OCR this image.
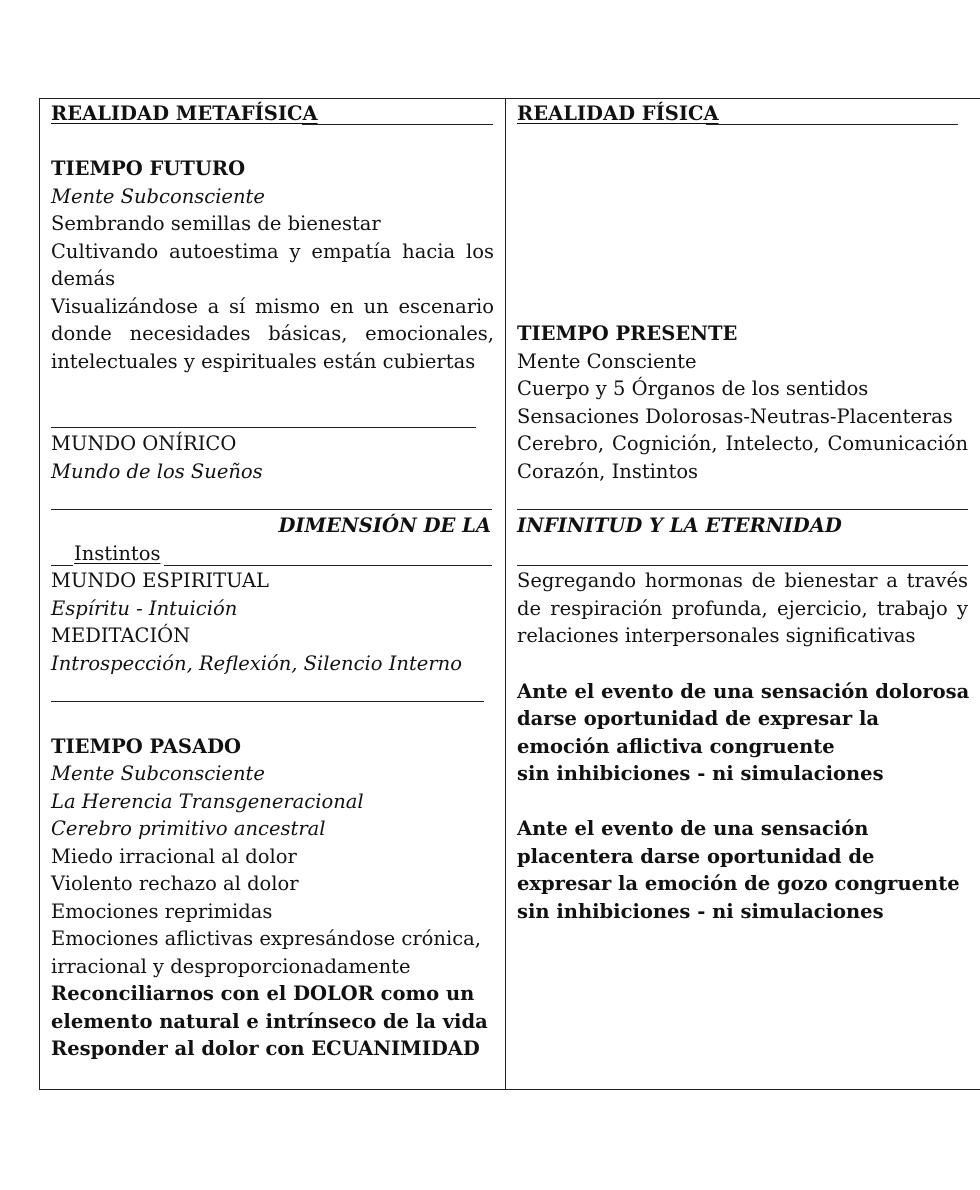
REALIDAD METAFÍSICA

TIEMPO FUTURO

Mente Subconsciente

Sembrando semillas de bienestar

Cultivando autoestima y empatía hacia los

demás

Visualizándose a sí mismo en un escenario

donde necesidades básicas, emocionales,

intelectuales y espirituales están cubiertas

MUNDO ONÍRICO

Mundo de los Sueños

DIMENSIÓN DE LA

Instintos

MUNDO ESPIRITUAL

Espíritu - Intuición

MEDITACIÓN

Introspección, Reflexión, Silencio Interno

TIEMPO PASADO

Mente Subconsciente

La Herencia Transgeneracional

Cerebro primitivo ancestral

Miedo irracional al dolor

Violento rechazo al dolor

Emociones reprimidas

Emociones aflictivas expresándose crónica,

irracional y desproporcionadamente

Reconciliarnos con el DOLOR como un

elemento natural e intrínseco de la vida

Responder al dolor con ECUANIMIDAD

REALIDAD FÍSICA

TIEMPO PRESENTE

Mente Consciente

Cuerpo y 5 Órganos de los sentidos

Sensaciones Dolorosas-Neutras-Placenteras

Cerebro, Cognición, Intelecto, Comunicación

Corazón, Instintos

INFINITUD Y LA ETERNIDAD

Segregando hormonas de bienestar a través

de respiración profunda, ejercicio, trabajo y

relaciones interpersonales significativas

Ante el evento de una sensación dolorosa

darse oportunidad de expresar la

emoción aflictiva congruente

sin inhibiciones - ni simulaciones

Ante el evento de una sensación

placentera darse oportunidad de

expresar la emoción de gozo congruente

sin inhibiciones - ni simulaciones
